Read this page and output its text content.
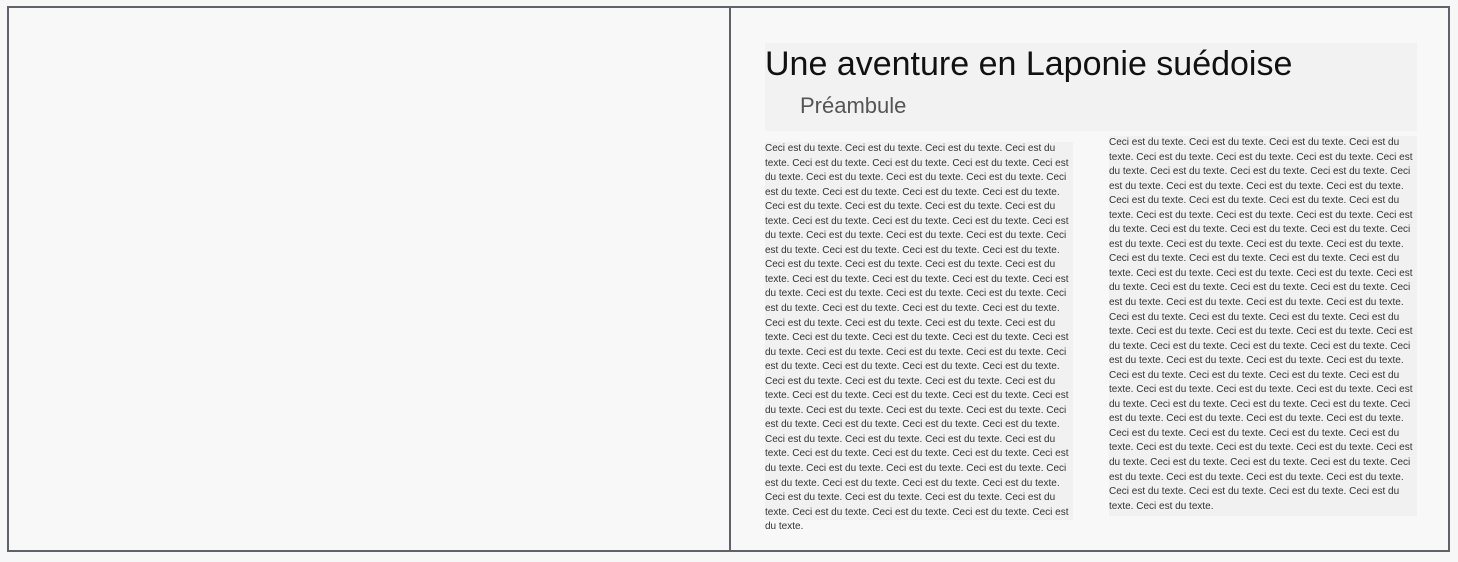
Une aventure en Laponie suédoise
Préambule

Ceci est du texte. Ceci est du texte. Ceci est du texte. Ceci est du texte. Ceci est du texte. Ceci est du texte. Ceci est du texte. Ceci est du texte. Ceci est du texte. Ceci est du texte. Ceci est du texte. Ceci est du texte. Ceci est du texte. Ceci est du texte. Ceci est du texte. Ceci est du texte. Ceci est du texte. Ceci est du texte. Ceci est du texte. Ceci est du texte. Ceci est du texte. Ceci est du texte. Ceci est du texte. Ceci est du texte. Ceci est du texte. Ceci est du texte. Ceci est du texte. Ceci est du texte. Ceci est du texte. Ceci est du texte. Ceci est du texte. Ceci est du texte. Ceci est du texte. Ceci est du texte. Ceci est du texte. Ceci est du texte. Ceci est du texte. Ceci est du texte. Ceci est du texte. Ceci est du texte. Ceci est du texte. Ceci est du texte. Ceci est du texte. Ceci est du texte. Ceci est du texte. Ceci est du texte. Ceci est du texte. Ceci est du texte. Ceci est du texte. Ceci est du texte. Ceci est du texte. Ceci est du texte. Ceci est du texte. Ceci est du texte. Ceci est du texte. Ceci est du texte. Ceci est du texte. Ceci est du texte. Ceci est du texte. Ceci est du texte. Ceci est du texte. Ceci est du texte. Ceci est du texte. Ceci est du texte. Ceci est du texte. Ceci est du texte. Ceci est du texte. Ceci est du texte. Ceci est du texte. Ceci est du texte. Ceci est du texte. Ceci est du texte. Ceci est du texte. Ceci est du texte. Ceci est du texte. Ceci est du texte. Ceci est du texte. Ceci est du texte. Ceci est du texte. Ceci est du texte. Ceci est du texte. Ceci est du texte. Ceci est du texte. Ceci est du texte. Ceci est du texte. Ceci est du texte. Ceci est du texte. Ceci est du texte. Ceci est du texte. Ceci est du texte. Ceci est du texte. Ceci est du texte. Ceci est du texte. Ceci est du texte. Ceci est du texte. Ceci est du texte. Ceci est du texte. Ceci est du texte.

Ceci est du texte. Ceci est du texte. Ceci est du texte. Ceci est du texte. Ceci est du texte. Ceci est du texte. Ceci est du texte. Ceci est du texte. Ceci est du texte. Ceci est du texte. Ceci est du texte. Ceci est du texte. Ceci est du texte. Ceci est du texte. Ceci est du texte. Ceci est du texte. Ceci est du texte. Ceci est du texte. Ceci est du texte. Ceci est du texte. Ceci est du texte. Ceci est du texte. Ceci est du texte. Ceci est du texte. Ceci est du texte. Ceci est du texte. Ceci est du texte. Ceci est du texte. Ceci est du texte. Ceci est du texte. Ceci est du texte. Ceci est du texte. Ceci est du texte. Ceci est du texte. Ceci est du texte. Ceci est du texte. Ceci est du texte. Ceci est du texte. Ceci est du texte. Ceci est du texte. Ceci est du texte. Ceci est du texte. Ceci est du texte. Ceci est du texte. Ceci est du texte. Ceci est du texte. Ceci est du texte. Ceci est du texte. Ceci est du texte. Ceci est du texte. Ceci est du texte. Ceci est du texte. Ceci est du texte. Ceci est du texte. Ceci est du texte. Ceci est du texte. Ceci est du texte. Ceci est du texte. Ceci est du texte. Ceci est du texte. Ceci est du texte. Ceci est du texte. Ceci est du texte. Ceci est du texte. Ceci est du texte. Ceci est du texte. Ceci est du texte. Ceci est du texte. Ceci est du texte. Ceci est du texte. Ceci est du texte. Ceci est du texte. Ceci est du texte. Ceci est du texte. Ceci est du texte. Ceci est du texte. Ceci est du texte. Ceci est du texte. Ceci est du texte. Ceci est du texte. Ceci est du texte. Ceci est du texte. Ceci est du texte. Ceci est du texte. Ceci est du texte. Ceci est du texte. Ceci est du texte. Ceci est du texte. Ceci est du texte. Ceci est du texte. Ceci est du texte. Ceci est du texte. Ceci est du texte. Ceci est du texte. Ceci est du texte.
